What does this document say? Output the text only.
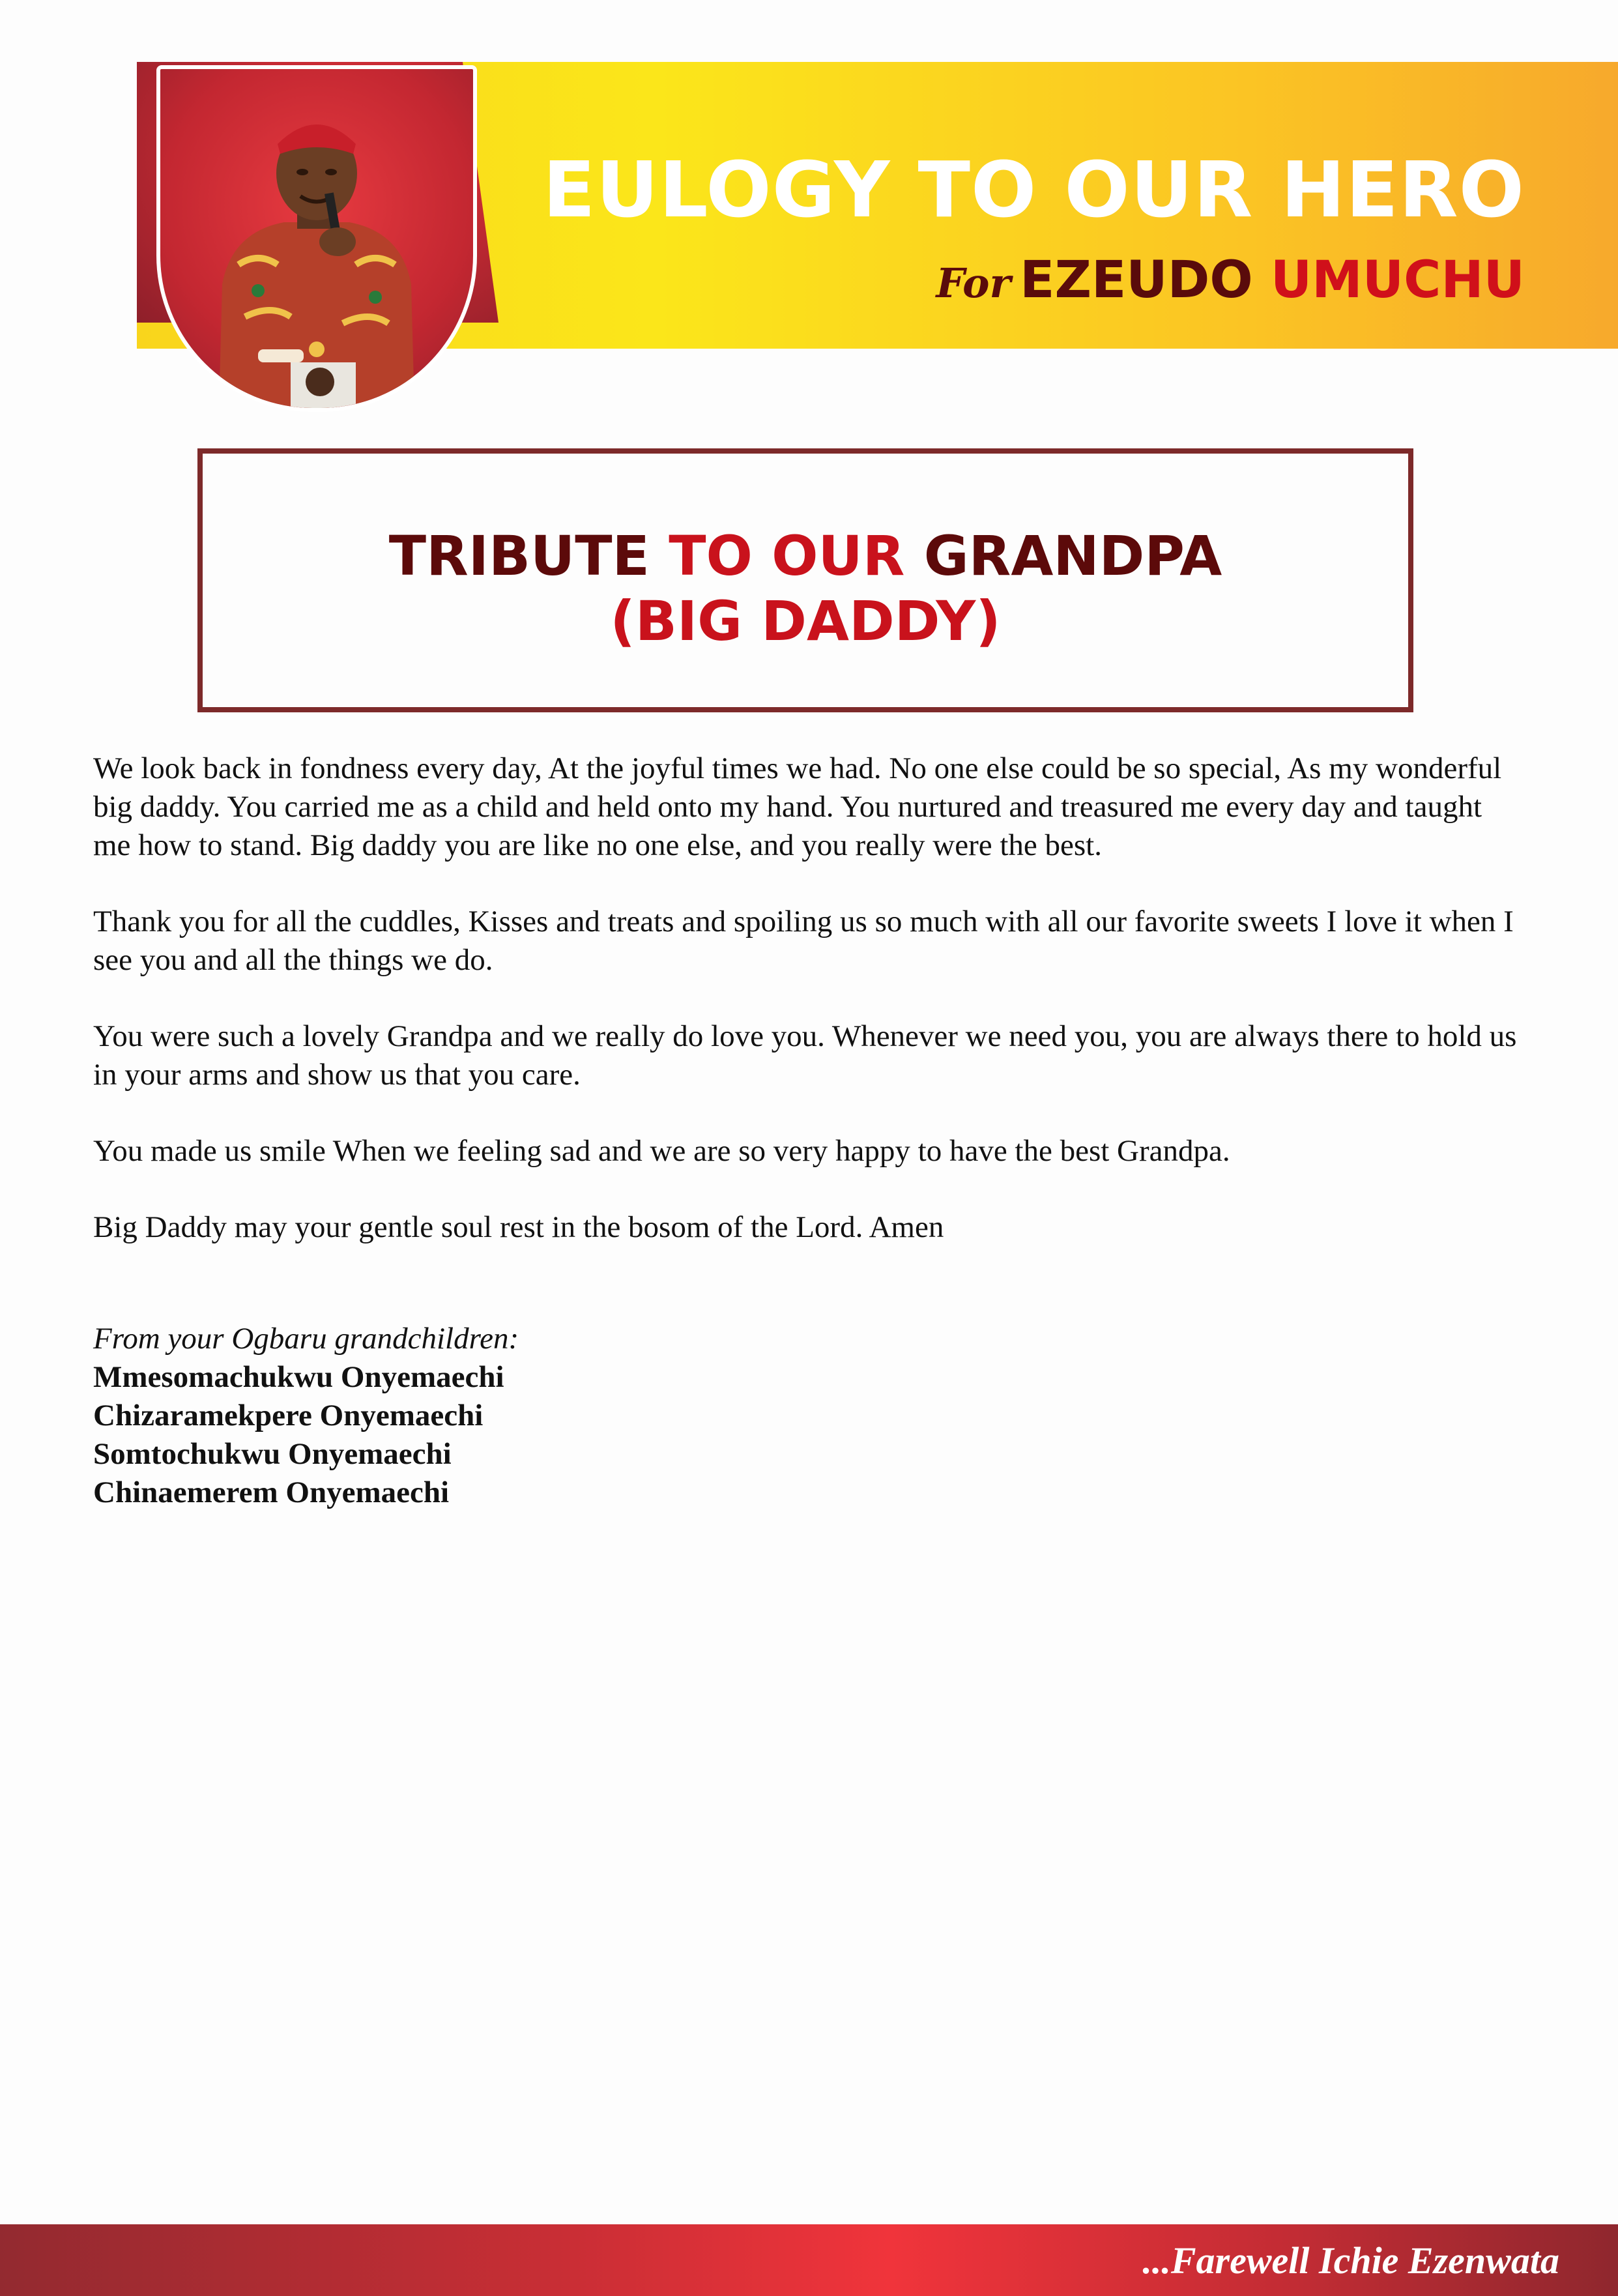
EULOGY TO OUR HERO
For EZEUDO UMUCHU
TRIBUTE TO OUR GRANDPA
(BIG DADDY)

We look back in fondness every day, At the joyful times we had. No one else could be so special, As my wonderful big daddy. You carried me as a child and held onto my hand. You nurtured and treasured me every day and taught me how to stand. Big daddy you are like no one else, and you really were the best.

Thank you for all the cuddles, Kisses and treats and spoiling us so much with all our favorite sweets I love it when I see you and all the things we do.

You were such a lovely Grandpa and we really do love you. Whenever we need you, you are always there to hold us in your arms and show us that you care.

You made us smile When we feeling sad and we are so very happy to have the best Grandpa.

Big Daddy may your gentle soul rest in the bosom of the Lord. Amen

From your Ogbaru grandchildren:
Mmesomachukwu Onyemaechi
Chizaramekpere Onyemaechi
Somtochukwu Onyemaechi
Chinaemerem Onyemaechi
...Farewell Ichie Ezenwata
